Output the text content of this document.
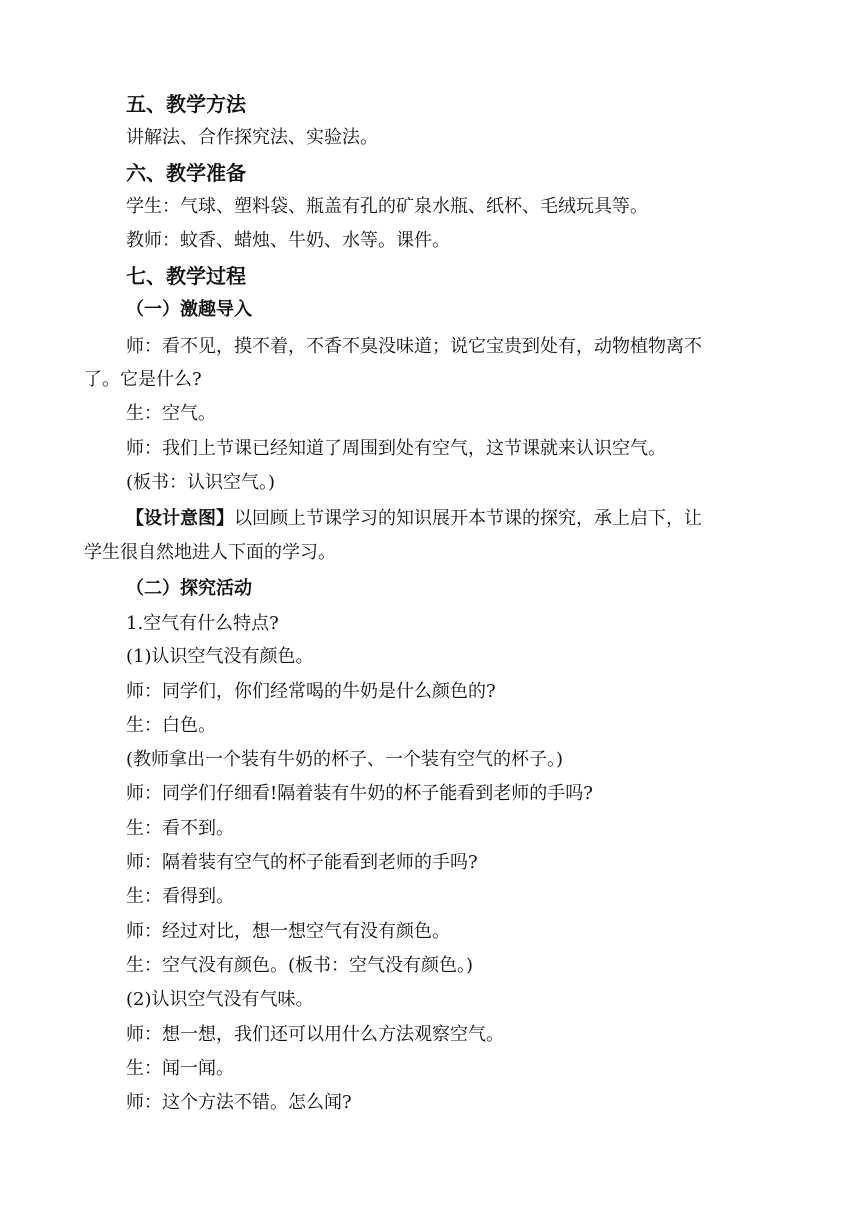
五、教学方法
讲解法、合作探究法、实验法。
六、教学准备
学生：气球、塑料袋、瓶盖有孔的矿泉水瓶、纸杯、毛绒玩具等。
教师：蚊香、蜡烛、牛奶、水等。课件。
七、教学过程
（一）激趣导入
师：看不见，摸不着，不香不臭没味道；说它宝贵到处有，动物植物离不
了。它是什么?
生：空气。
师：我们上节课已经知道了周围到处有空气，这节课就来认识空气。
(板书：认识空气。)
【设计意图】以回顾上节课学习的知识展开本节课的探究，承上启下，让
学生很自然地进人下面的学习。
（二）探究活动
1.空气有什么特点?
(1)认识空气没有颜色。
师：同学们，你们经常喝的牛奶是什么颜色的?
生：白色。
(教师拿出一个装有牛奶的杯子、一个装有空气的杯子。)
师：同学们仔细看!隔着装有牛奶的杯子能看到老师的手吗?
生：看不到。
师：隔着装有空气的杯子能看到老师的手吗?
生：看得到。
师：经过对比，想一想空气有没有颜色。
生：空气没有颜色。(板书：空气没有颜色。)
(2)认识空气没有气味。
师：想一想，我们还可以用什么方法观察空气。
生：闻一闻。
师：这个方法不错。怎么闻?
